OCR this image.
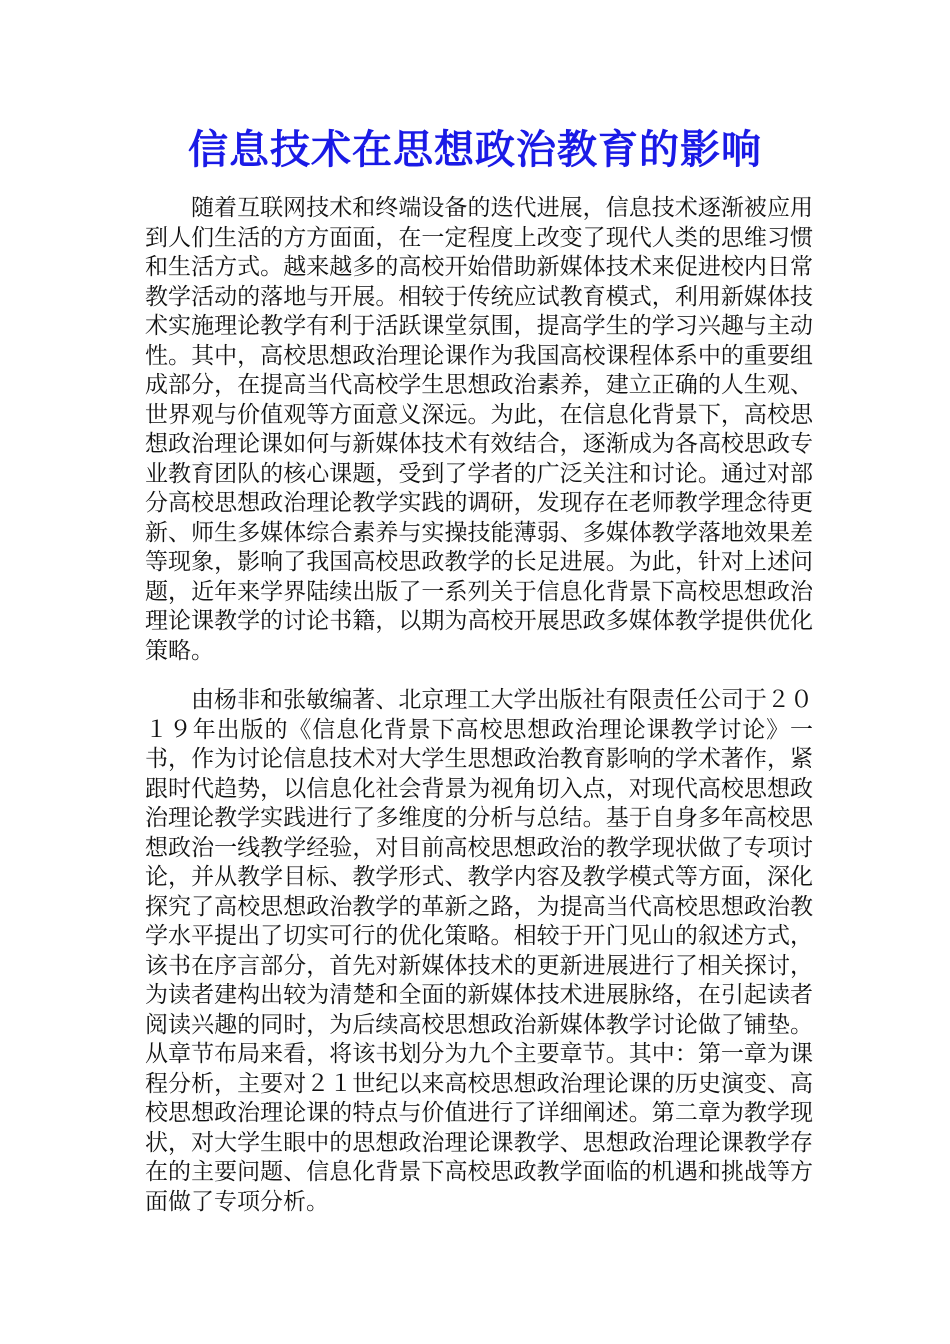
信息技术在思想政治教育的影响

随着互联网技术和终端设备的迭代进展，信息技术逐渐被应用到人们生活的方方面面，在一定程度上改变了现代人类的思维习惯和生活方式。越来越多的高校开始借助新媒体技术来促进校内日常教学活动的落地与开展。相较于传统应试教育模式，利用新媒体技术实施理论教学有利于活跃课堂氛围，提高学生的学习兴趣与主动性。其中，高校思想政治理论课作为我国高校课程体系中的重要组成部分，在提高当代高校学生思想政治素养，建立正确的人生观、世界观与价值观等方面意义深远。为此，在信息化背景下，高校思想政治理论课如何与新媒体技术有效结合，逐渐成为各高校思政专业教育团队的核心课题，受到了学者的广泛关注和讨论。通过对部分高校思想政治理论教学实践的调研，发现存在老师教学理念待更新、师生多媒体综合素养与实操技能薄弱、多媒体教学落地效果差等现象，影响了我国高校思政教学的长足进展。为此，针对上述问题，近年来学界陆续出版了一系列关于信息化背景下高校思想政治理论课教学的讨论书籍，以期为高校开展思政多媒体教学提供优化策略。

由杨非和张敏编著、北京理工大学出版社有限责任公司于２０１９年出版的《信息化背景下高校思想政治理论课教学讨论》一书，作为讨论信息技术对大学生思想政治教育影响的学术著作，紧跟时代趋势，以信息化社会背景为视角切入点，对现代高校思想政治理论教学实践进行了多维度的分析与总结。基于自身多年高校思想政治一线教学经验，对目前高校思想政治的教学现状做了专项讨论，并从教学目标、教学形式、教学内容及教学模式等方面，深化探究了高校思想政治教学的革新之路，为提高当代高校思想政治教学水平提出了切实可行的优化策略。相较于开门见山的叙述方式，该书在序言部分，首先对新媒体技术的更新进展进行了相关探讨，为读者建构出较为清楚和全面的新媒体技术进展脉络，在引起读者阅读兴趣的同时，为后续高校思想政治新媒体教学讨论做了铺垫。从章节布局来看，将该书划分为九个主要章节。其中：第一章为课程分析，主要对２１世纪以来高校思想政治理论课的历史演变、高校思想政治理论课的特点与价值进行了详细阐述。第二章为教学现状，对大学生眼中的思想政治理论课教学、思想政治理论课教学存在的主要问题、信息化背景下高校思政教学面临的机遇和挑战等方面做了专项分析。
